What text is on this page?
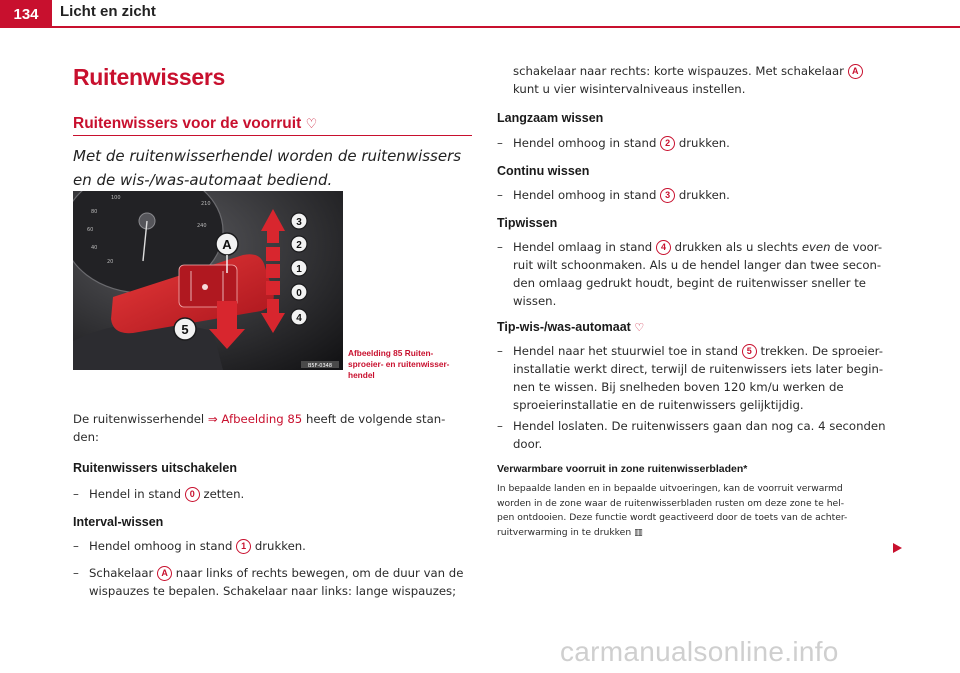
134	Licht en zicht
Ruitenwissers
Ruitenwissers voor de voorruit ♡
Met de ruitenwisserhendel worden de ruitenwissers en de wis-/was-automaat bediend.
100
210
80
240
60
40
20
A
3
2
1
0
4
5
B5F-0348
Afbeelding 85 Ruiten-sproeier- en ruitenwisser-hendel
De ruitenwisserhendel ⇒ Afbeelding 85 heeft de volgende stan-
den:
Ruitenwissers uitschakelen
– Hendel in stand 0 zetten.
Interval-wissen
– Hendel omhoog in stand 1 drukken.
– Schakelaar A naar links of rechts bewegen, om de duur van de
wispauzes te bepalen. Schakelaar naar links: lange wispauzes;
schakelaar naar rechts: korte wispauzes. Met schakelaar A
kunt u vier wisintervalniveaus instellen.
Langzaam wissen
– Hendel omhoog in stand 2 drukken.
Continu wissen
– Hendel omhoog in stand 3 drukken.
Tipwissen
– Hendel omlaag in stand 4 drukken als u slechts even de voor-
ruit wilt schoonmaken. Als u de hendel langer dan twee secon-
den omlaag gedrukt houdt, begint de ruitenwisser sneller te
wissen.
Tip-wis-/was-automaat ♡
– Hendel naar het stuurwiel toe in stand 5 trekken. De sproeier-
installatie werkt direct, terwijl de ruitenwissers iets later begin-
nen te wissen. Bij snelheden boven 120 km/u werken de
sproeierinstallatie en de ruitenwissers gelijktijdig.
– Hendel loslaten. De ruitenwissers gaan dan nog ca. 4 seconden
door.
Verwarmbare voorruit in zone ruitenwisserbladen*
In bepaalde landen en in bepaalde uitvoeringen, kan de voorruit verwarmd
worden in de zone waar de ruitenwisserbladen rusten om deze zone te hel-
pen ontdooien. Deze functie wordt geactiveerd door de toets van de achter-
ruitverwarming in te drukken ▥
carmanualsonline.info
